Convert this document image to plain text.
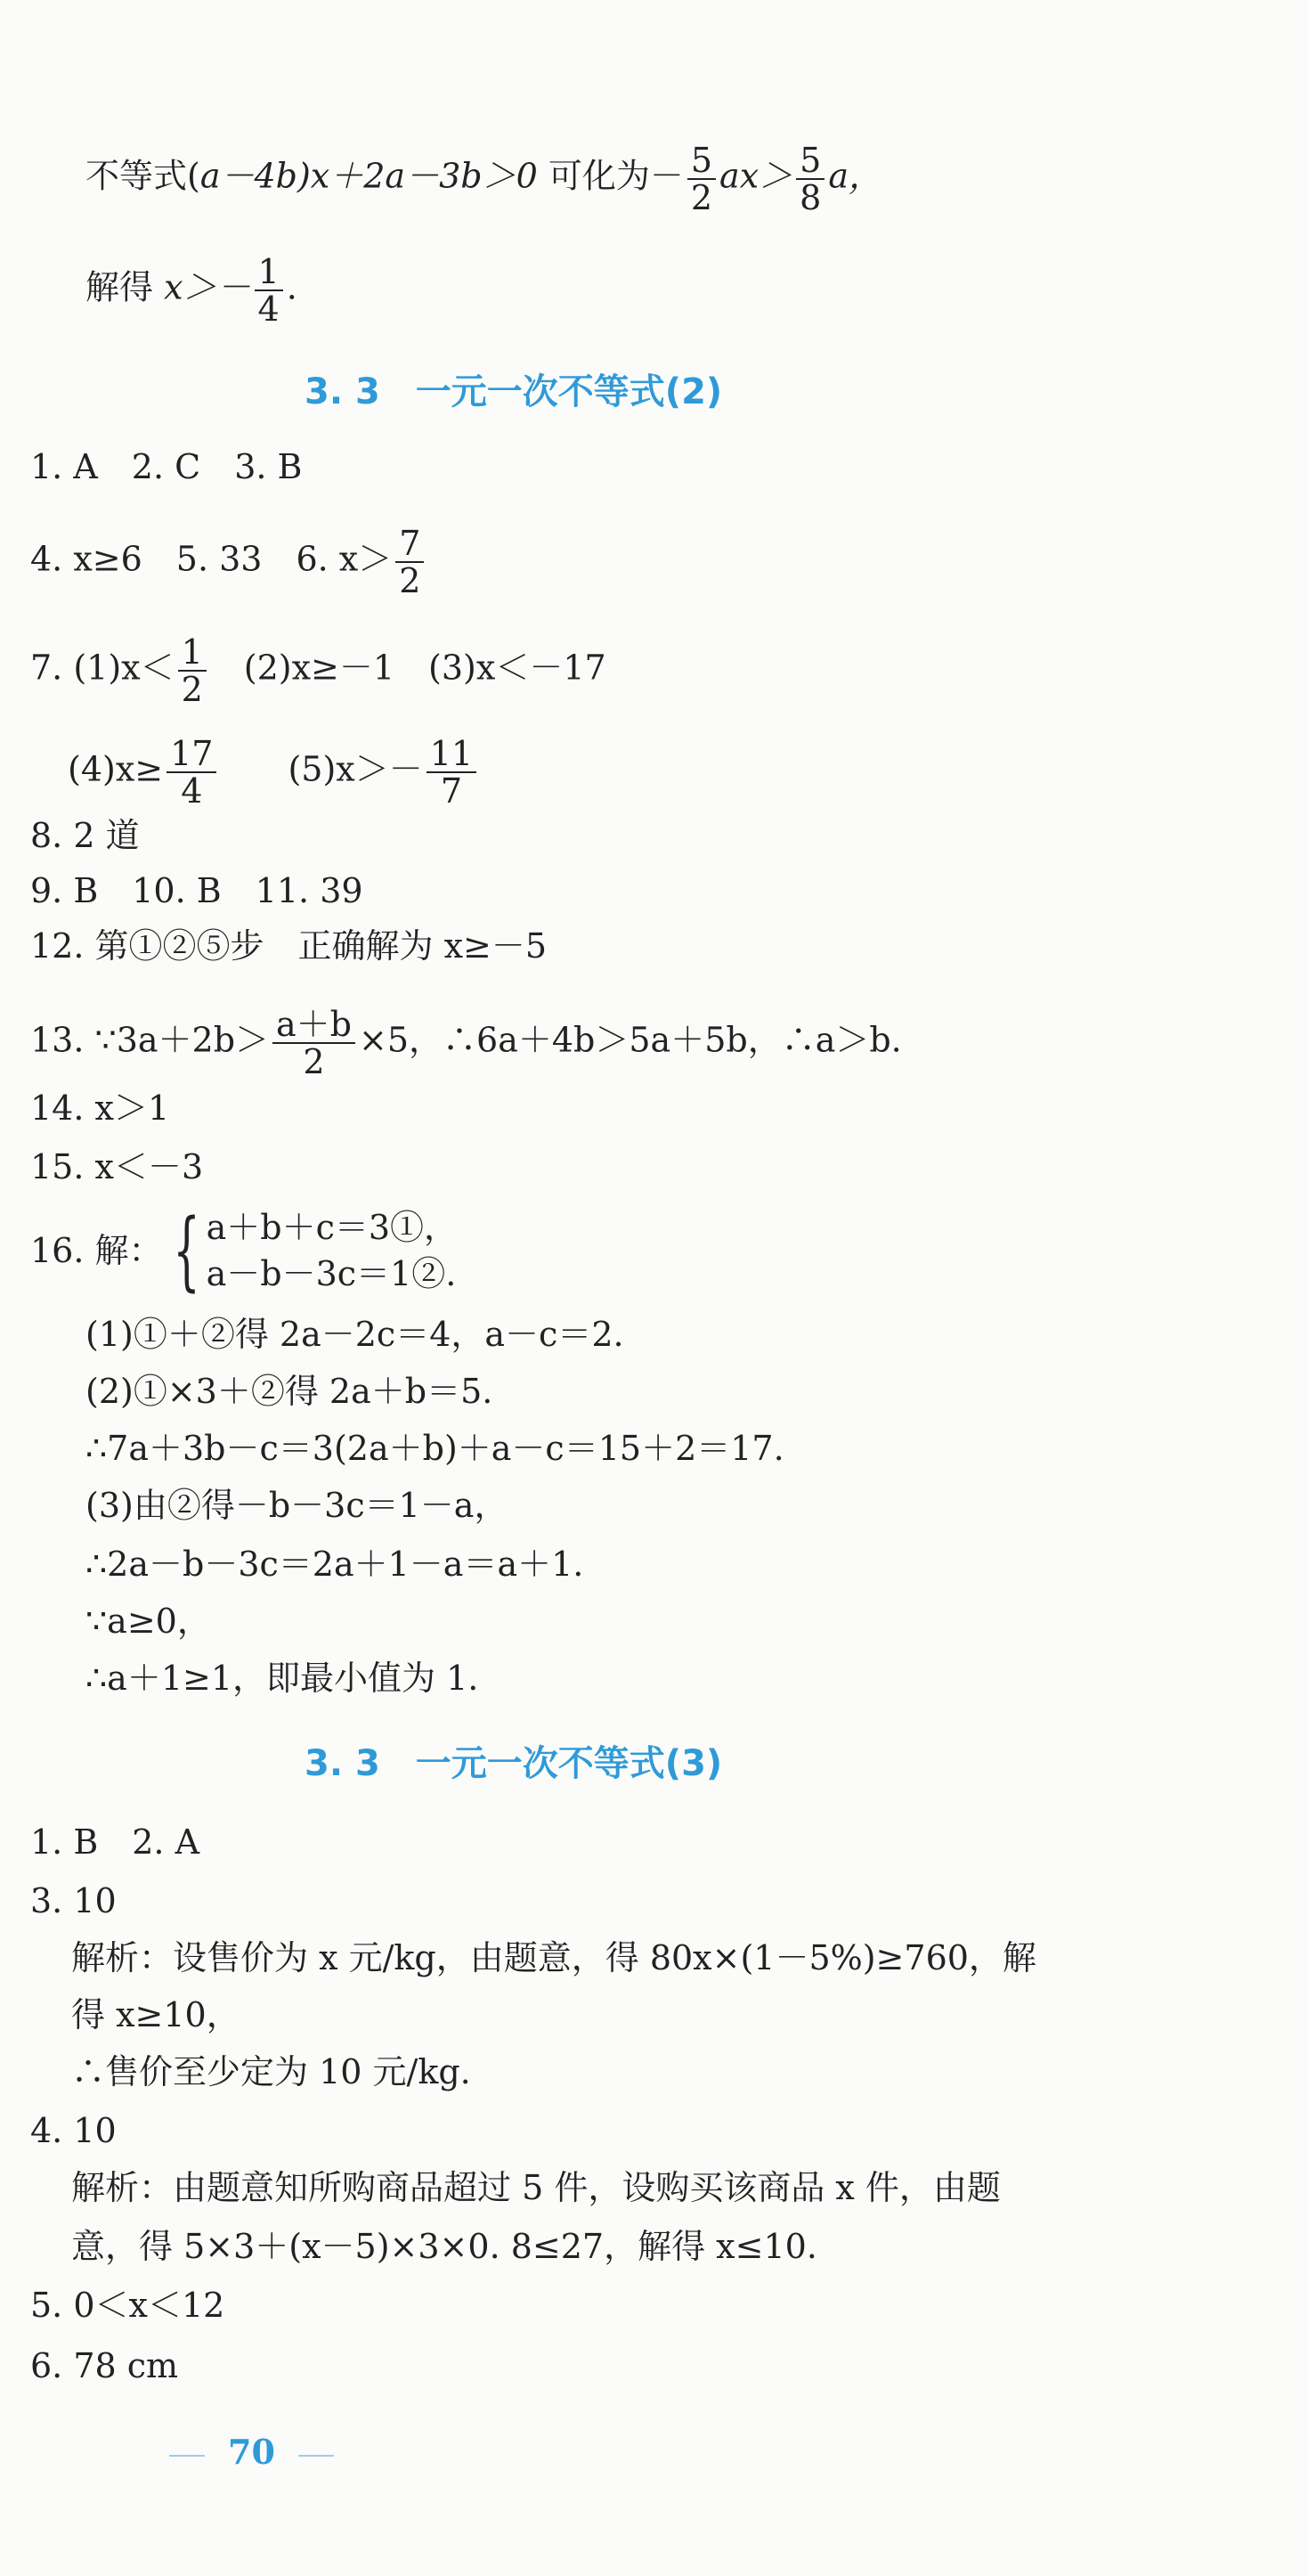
不等式(a－4b)x＋2a－3b＞0 可化为－ $\frac{5}{2} ax> \frac{5}{8}$ a，
解得 $x>- \frac{1}{4}$ .
3. 3　一元一次不等式(2)
1. A　2. C　3. B
4. x≥6　5. 33　6. $x> \frac{7}{2}$
7. $(1)x< \frac{1}{2}$ 　(2)x≥－1　(3)x＜－17
$(4)x\ge \frac{17}{4}$ 　　$(5)x>- \frac{11}{7}$
8. 2 道
9. B　10. B　11. 39
12. 第①②⑤步　正确解为 x≥－5
13. ∵3a＋2b＞ $\frac{a+b}{2} \times 5$，∴6a＋4b＞5a＋5b，∴a＞b.
14. x＞1
15. x＜－3
16. 解： { a＋b＋c＝3①，
a－b－3c＝1②.
(1)①＋②得 2a－2c＝4，a－c＝2.
(2)①×3＋②得 2a＋b＝5.
∴7a＋3b－c＝3(2a＋b)＋a－c＝15＋2＝17.
(3)由②得－b－3c＝1－a，
∴2a－b－3c＝2a＋1－a＝a＋1.
∵a≥0，
∴a＋1≥1，即最小值为 1.
3. 3　一元一次不等式(3)
1. B　2. A
3. 10
解析：设售价为 x 元/kg，由题意，得 80x×(1－5%)≥760，解
得 x≥10，
∴售价至少定为 10 元/kg.
4. 10
解析：由题意知所购商品超过 5 件，设购买该商品 x 件，由题
意，得 5×3＋(x－5)×3×0. 8≤27，解得 x≤10.
5. 0＜x＜12
6. 78 cm
70
